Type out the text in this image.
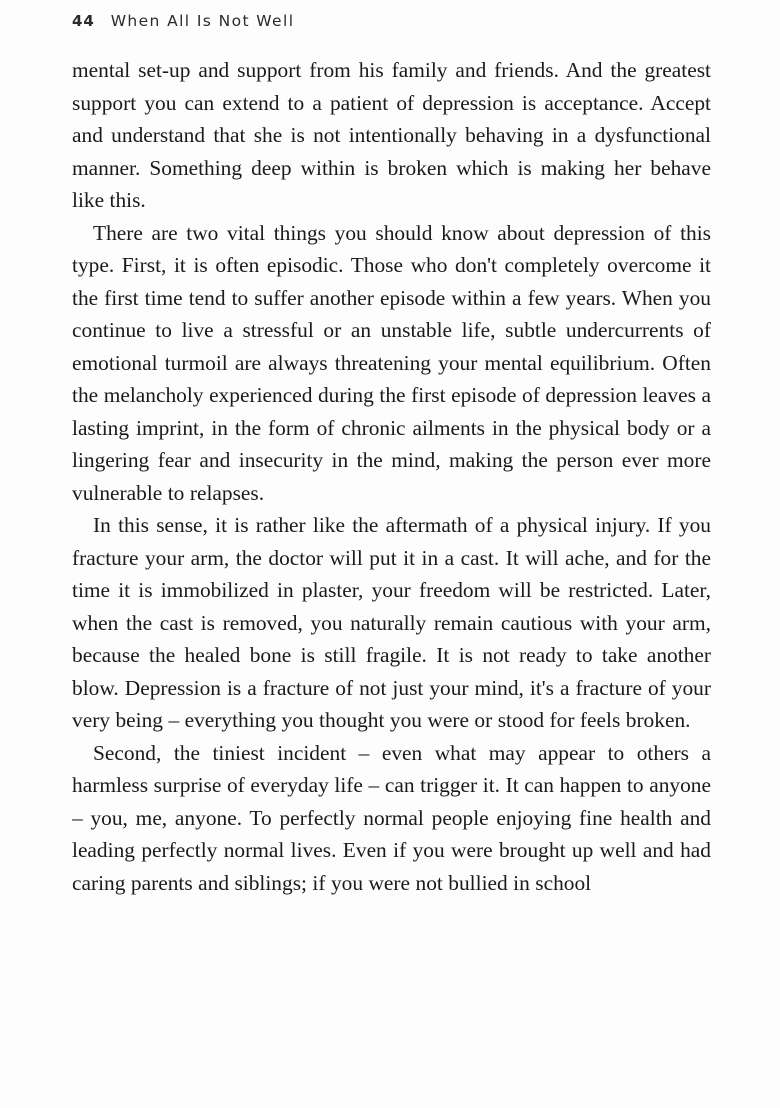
44 When All Is Not Well

mental set-up and support from his family and friends. And the greatest support you can extend to a patient of depression is acceptance. Accept and understand that she is not intentionally behaving in a dysfunctional manner. Something deep within is broken which is making her behave like this.

There are two vital things you should know about depression of this type. First, it is often episodic. Those who don't completely overcome it the first time tend to suffer another episode within a few years. When you continue to live a stressful or an unstable life, subtle undercurrents of emotional turmoil are always threatening your mental equilibrium. Often the melancholy experienced during the first episode of depression leaves a lasting imprint, in the form of chronic ailments in the physical body or a lingering fear and insecurity in the mind, making the person ever more vulnerable to relapses.

In this sense, it is rather like the aftermath of a physical injury. If you fracture your arm, the doctor will put it in a cast. It will ache, and for the time it is immobilized in plaster, your freedom will be restricted. Later, when the cast is removed, you naturally remain cautious with your arm, because the healed bone is still fragile. It is not ready to take another blow. Depression is a fracture of not just your mind, it's a fracture of your very being – everything you thought you were or stood for feels broken.

Second, the tiniest incident – even what may appear to others a harmless surprise of everyday life – can trigger it. It can happen to anyone – you, me, anyone. To perfectly normal people enjoying fine health and leading perfectly normal lives. Even if you were brought up well and had caring parents and siblings; if you were not bullied in school
